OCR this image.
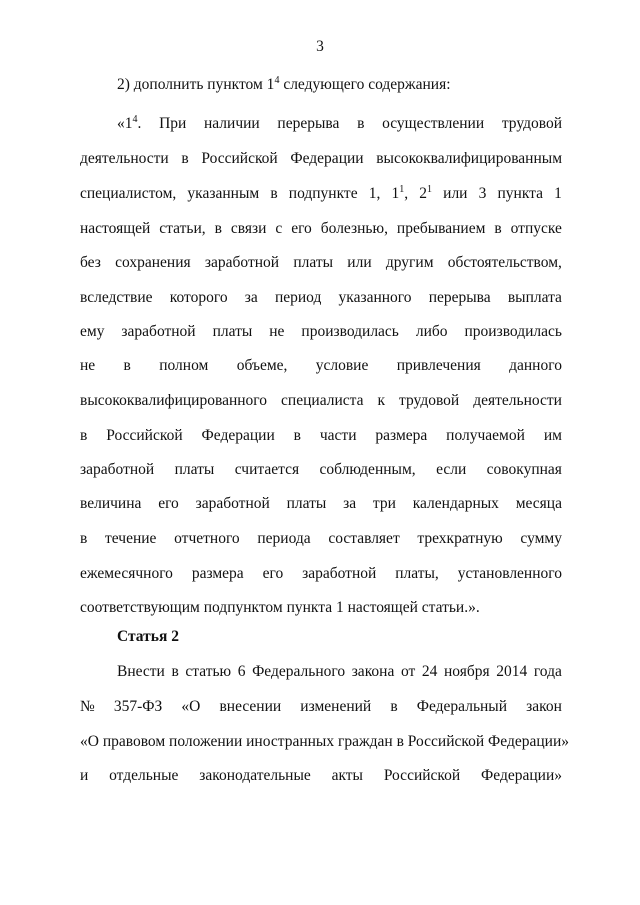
3
2) дополнить пунктом $1^4$ следующего содержания:
«$1^4$. При наличии перерыва в осуществлении трудовой
деятельности в Российской Федерации высококвалифицированным
специалистом, указанным в подпункте 1, $1^1$, $2^1$ или 3 пункта 1
настоящей статьи, в связи с его болезнью, пребыванием в отпуске
без сохранения заработной платы или другим обстоятельством,
вследствие которого за период указанного перерыва выплата
ему заработной платы не производилась либо производилась
не в полном объеме, условие привлечения данного
высококвалифицированного специалиста к трудовой деятельности
в Российской Федерации в части размера получаемой им
заработной платы считается соблюденным, если совокупная
величина его заработной платы за три календарных месяца
в течение отчетного периода составляет трехкратную сумму
ежемесячного размера его заработной платы, установленного
соответствующим подпунктом пункта 1 настоящей статьи.».
Статья 2
Внести в статью 6 Федерального закона от 24 ноября 2014 года
№ 357-ФЗ «О внесении изменений в Федеральный закон
«О правовом положении иностранных граждан в Российской Федерации»
и отдельные законодательные акты Российской Федерации»
